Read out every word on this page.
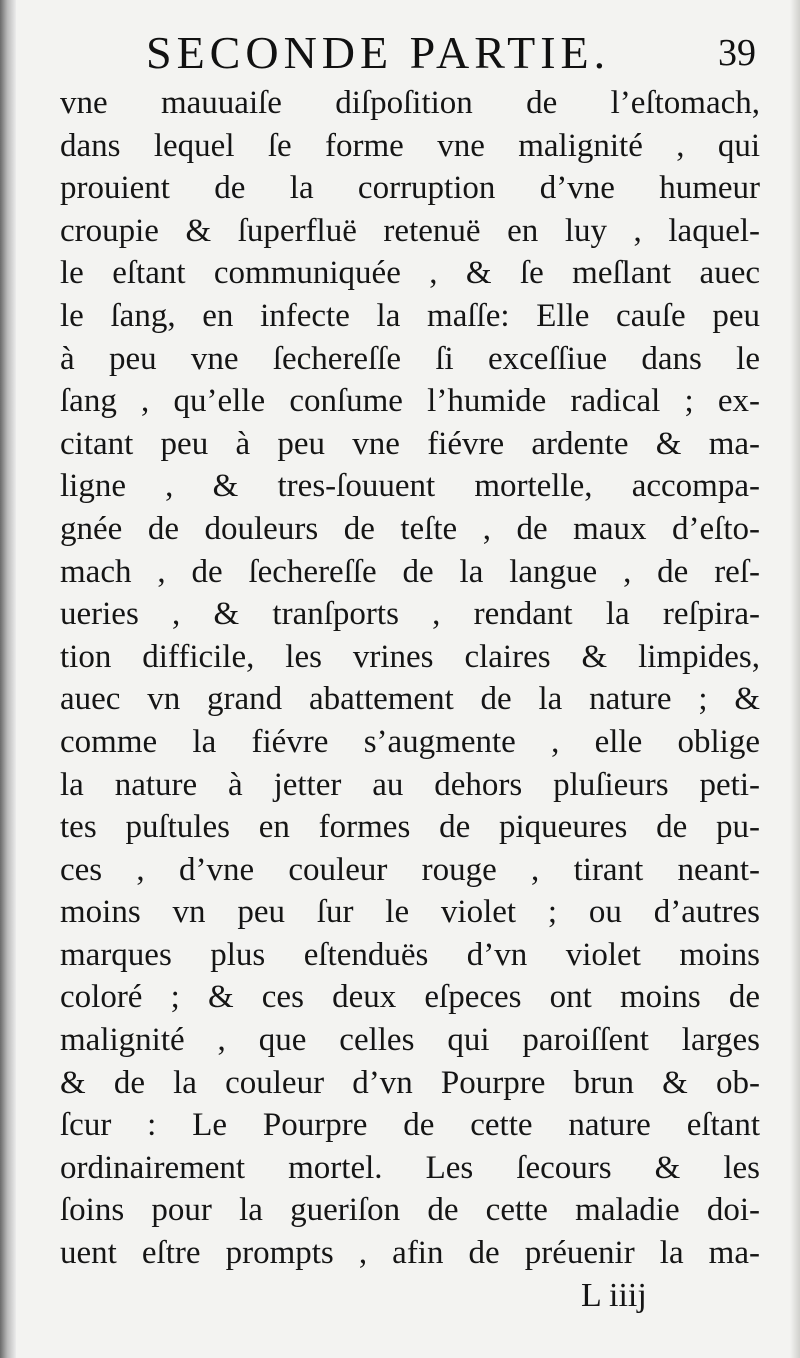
SECONDE PARTIE.	39
vne mauuaiſe diſpoſition de l’eſtomach,
dans lequel ſe forme vne malignité , qui
prouient de la corruption d’vne humeur
croupie & ſuperfluë retenuë en luy , laquel-
le eſtant communiquée , & ſe meſlant auec
le ſang, en infecte la maſſe: Elle cauſe peu
à peu vne ſechereſſe ſi exceſſiue dans le
ſang , qu’elle conſume l’humide radical ; ex-
citant peu à peu vne fiévre ardente & ma-
ligne , & tres-ſouuent mortelle, accompa-
gnée de douleurs de teſte , de maux d’eſto-
mach , de ſechereſſe de la langue , de reſ-
ueries , & tranſports , rendant la reſpira-
tion difficile, les vrines claires & limpides,
auec vn grand abattement de la nature ; &
comme la fiévre s’augmente , elle oblige
la nature à jetter au dehors pluſieurs peti-
tes puſtules en formes de piqueures de pu-
ces , d’vne couleur rouge , tirant neant-
moins vn peu ſur le violet ; ou d’autres
marques plus eſtenduës d’vn violet moins
coloré ; & ces deux eſpeces ont moins de
malignité , que celles qui paroiſſent larges
& de la couleur d’vn Pourpre brun & ob-
ſcur : Le Pourpre de cette nature eſtant
ordinairement mortel. Les ſecours & les
ſoins pour la gueriſon de cette maladie doi-
uent eſtre prompts , afin de préuenir la ma-
L iiij
